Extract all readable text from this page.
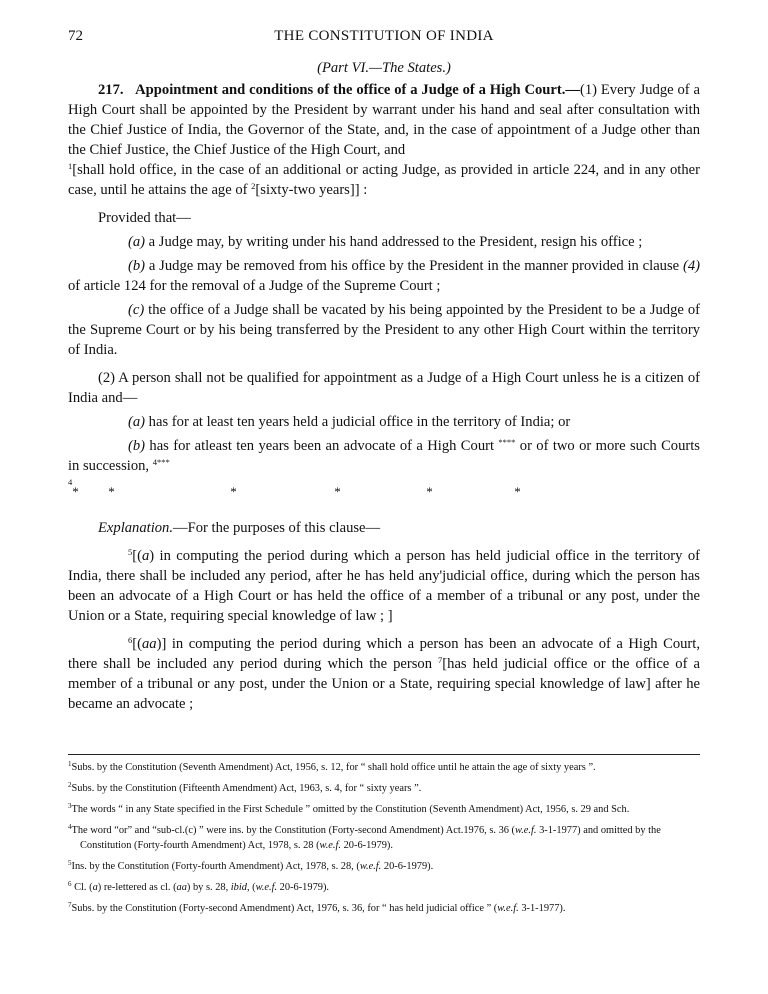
72	THE CONSTITUTION OF INDIA
(Part VI.—The States.)

217. Appointment and conditions of the office of a Judge of a High Court.—(1) Every Judge of a High Court shall be appointed by the President by warrant under his hand and seal after consultation with the Chief Justice of India, the Governor of the State, and, in the case of appointment of a Judge other than the Chief Justice, the Chief Justice of the High Court, and
$^1$[shall hold office, in the case of an additional or acting Judge, as provided in article 224, and in any other case, until he attains the age of $^2$[sixty-two years]] :

Provided that—

(a) a Judge may, by writing under his hand addressed to the President, resign his office ;

(b) a Judge may be removed from his office by the President in the manner provided in clause (4) of article 124 for the removal of a Judge of the Supreme Court ;

(c) the office of a Judge shall be vacated by his being appointed by the President to be a Judge of the Supreme Court or by his being transferred by the President to any other High Court within the territory of India.

(2) A person shall not be qualified for appointment as a Judge of a High Court unless he is a citizen of India and—

(a) has for at least ten years held a judicial office in the territory of India; or

(b) has for atleast ten years been an advocate of a High Court **** or of two or more such Courts in succession, $^{4***}$

4
*	*	*	*	*	*

Explanation.—For the purposes of this clause—

$^5$[(a) in computing the period during which a person has held judicial office in the territory of India, there shall be included any period, after he has held any'judicial office, during which the person has been an advocate of a High Court or has held the office of a member of a tribunal or any post, under the Union or a State, requiring special knowledge of law ; ]

$^6$[(aa)] in computing the period during which a person has been an advocate of a High Court, there shall be included any period during which the person $^7$[has held judicial office or the office of a member of a tribunal or any post, under the Union or a State, requiring special knowledge of law] after he became an advocate ;

$^1$Subs. by the Constitution (Seventh Amendment) Act, 1956, s. 12, for “ shall hold office until he attain the age of sixty years ”.

$^2$Subs. by the Constitution (Fifteenth Amendment) Act, 1963, s. 4, for “ sixty years ”.

$^3$The words “ in any State specified in the First Schedule ” omitted by the Constitution (Seventh Amendment) Act, 1956, s. 29 and Sch.

$^4$The word “or” and “sub-cl.(c) ” were ins. by the Constitution (Forty-second Amendment) Act.1976, s. 36 (w.e.f. 3-1-1977) and omitted by the Constitution (Forty-fourth Amendment) Act, 1978, s. 28 (w.e.f. 20-6-1979).

$^5$Ins. by the Constitution (Forty-fourth Amendment) Act, 1978, s. 28, (w.e.f. 20-6-1979).

$^6$ Cl. (a) re-lettered as cl. (aa) by s. 28, ibid, (w.e.f. 20-6-1979).

$^7$Subs. by the Constitution (Forty-second Amendment) Act, 1976, s. 36, for “ has held judicial office ” (w.e.f. 3-1-1977).
